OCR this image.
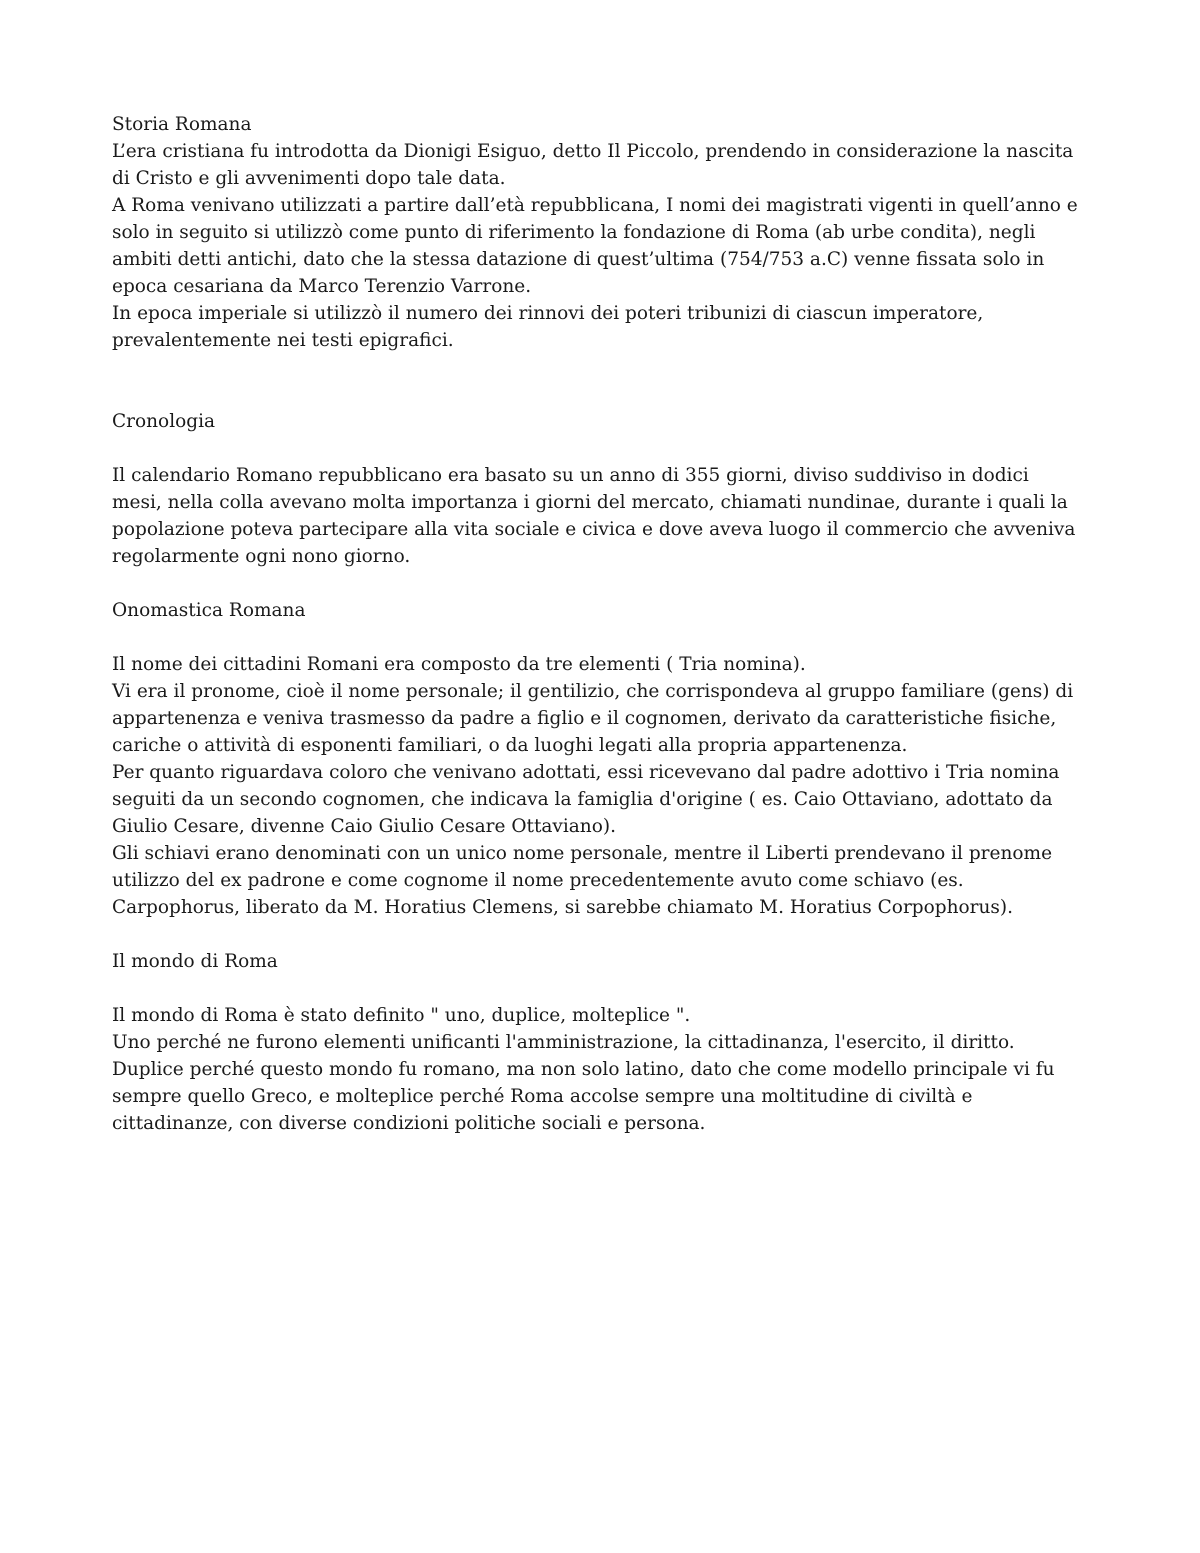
Storia Romana
L’era cristiana fu introdotta da Dionigi Esiguo, detto Il Piccolo, prendendo in considerazione la nascita
di Cristo e gli avvenimenti dopo tale data.
A Roma venivano utilizzati a partire dall’età repubblicana, I nomi dei magistrati vigenti in quell’anno e
solo in seguito si utilizzò come punto di riferimento la fondazione di Roma (ab urbe condita), negli
ambiti detti antichi, dato che la stessa datazione di quest’ultima (754/753 a.C) venne fissata solo in
epoca cesariana da Marco Terenzio Varrone.
In epoca imperiale si utilizzò il numero dei rinnovi dei poteri tribunizi di ciascun imperatore,
prevalentemente nei testi epigrafici.
Cronologia
Il calendario Romano repubblicano era basato su un anno di 355 giorni, diviso suddiviso in dodici
mesi, nella colla avevano molta importanza i giorni del mercato, chiamati nundinae, durante i quali la
popolazione poteva partecipare alla vita sociale e civica e dove aveva luogo il commercio che avveniva
regolarmente ogni nono giorno.
Onomastica Romana
Il nome dei cittadini Romani era composto da tre elementi ( Tria nomina).
Vi era il pronome, cioè il nome personale; il gentilizio, che corrispondeva al gruppo familiare (gens) di
appartenenza e veniva trasmesso da padre a figlio e il cognomen, derivato da caratteristiche fisiche,
cariche o attività di esponenti familiari, o da luoghi legati alla propria appartenenza.
Per quanto riguardava coloro che venivano adottati, essi ricevevano dal padre adottivo i Tria nomina
seguiti da un secondo cognomen, che indicava la famiglia d'origine ( es. Caio Ottaviano, adottato da
Giulio Cesare, divenne Caio Giulio Cesare Ottaviano).
Gli schiavi erano denominati con un unico nome personale, mentre il Liberti prendevano il prenome
utilizzo del ex padrone e come cognome il nome precedentemente avuto come schiavo (es.
Carpophorus, liberato da M. Horatius Clemens, si sarebbe chiamato M. Horatius Corpophorus).
Il mondo di Roma
Il mondo di Roma è stato definito " uno, duplice, molteplice ".
Uno perché ne furono elementi unificanti l'amministrazione, la cittadinanza, l'esercito, il diritto.
Duplice perché questo mondo fu romano, ma non solo latino, dato che come modello principale vi fu
sempre quello Greco, e molteplice perché Roma accolse sempre una moltitudine di civiltà e
cittadinanze, con diverse condizioni politiche sociali e persona.
